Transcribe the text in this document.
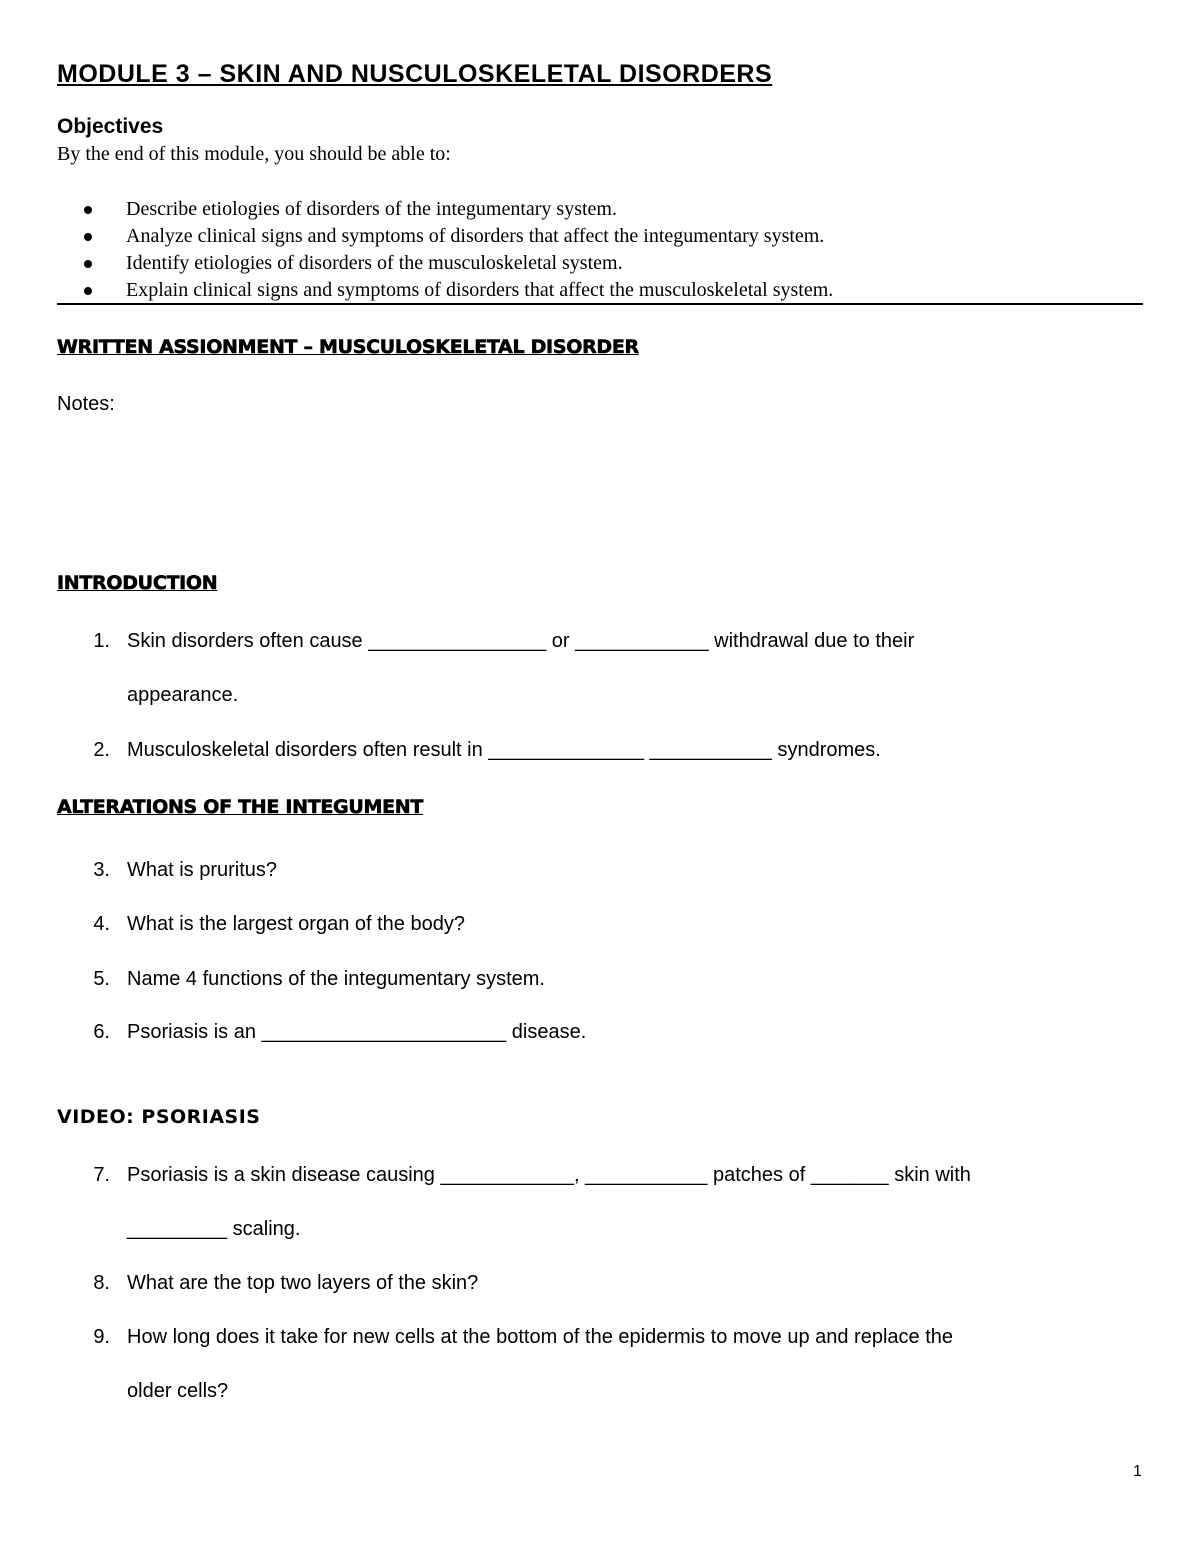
MODULE 3 – SKIN AND NUSCULOSKELETAL DISORDERS
Objectives
By the end of this module, you should be able to:
Describe etiologies of disorders of the integumentary system.
Analyze clinical signs and symptoms of disorders that affect the integumentary system.
Identify etiologies of disorders of the musculoskeletal system.
Explain clinical signs and symptoms of disorders that affect the musculoskeletal system.
WRITTEN ASSIONMENT – MUSCULOSKELETAL DISORDER
Notes:
INTRODUCTION
1. Skin disorders often cause ________________ or ____________ withdrawal due to their
appearance.
2. Musculoskeletal disorders often result in ______________ ___________ syndromes.
ALTERATIONS OF THE INTEGUMENT
3. What is pruritus?
4. What is the largest organ of the body?
5. Name 4 functions of the integumentary system.
6. Psoriasis is an ______________________ disease.
VIDEO: PSORIASIS
7. Psoriasis is a skin disease causing ____________, ___________ patches of _______ skin with
_________ scaling.
8. What are the top two layers of the skin?
9. How long does it take for new cells at the bottom of the epidermis to move up and replace the
older cells?
1
